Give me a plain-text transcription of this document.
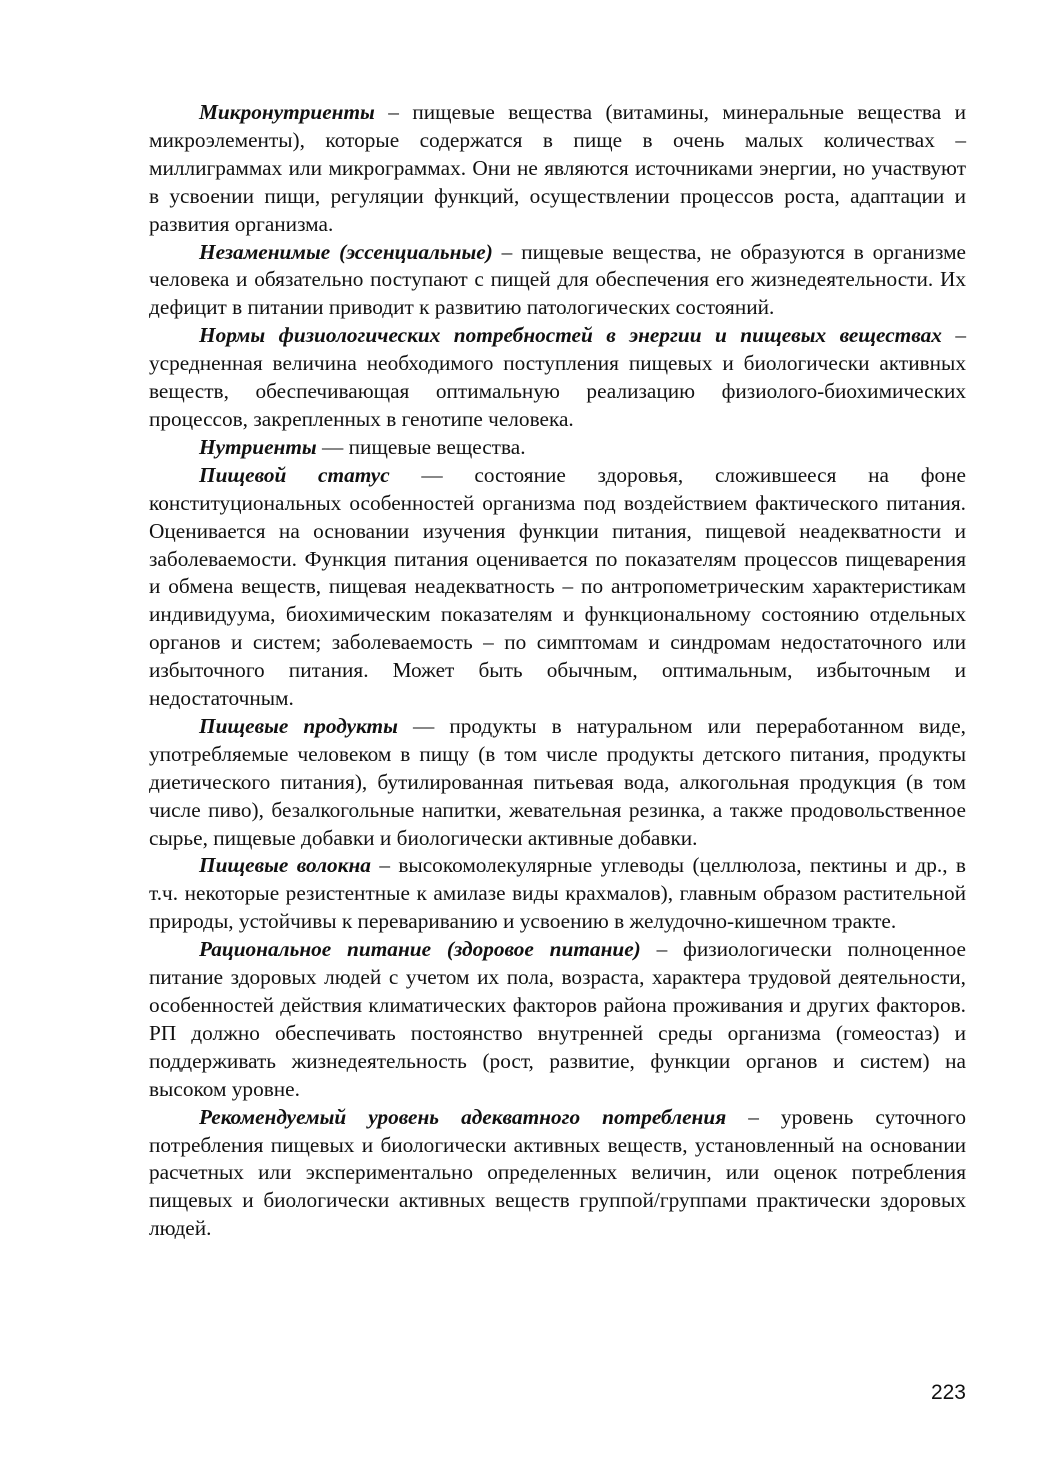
Микронутриенты – пищевые вещества (витамины, минеральные вещества и микроэлементы), которые содержатся в пище в очень малых количествах – миллиграммах или микрограммах. Они не являются источниками энергии, но участвуют в усвоении пищи, регуляции функций, осуществлении процессов роста, адаптации и развития организма.

Незаменимые (эссенциальные) – пищевые вещества, не образуются в организме человека и обязательно поступают с пищей для обеспечения его жизнедеятельности. Их дефицит в питании приводит к развитию патологических состояний.

Нормы физиологических потребностей в энергии и пищевых веществах – усредненная величина необходимого поступления пищевых и биологически активных веществ, обеспечивающая оптимальную реализацию физиолого-биохимических процессов, закрепленных в генотипе человека.

Нутриенты — пищевые вещества.

Пищевой статус — состояние здоровья, сложившееся на фоне конституциональных особенностей организма под воздействием фактического питания. Оценивается на основании изучения функции питания, пищевой неадекватности и заболеваемости. Функция питания оценивается по показателям процессов пищеварения и обмена веществ, пищевая неадекватность – по антропометрическим характеристикам индивидуума, биохимическим показателям и функциональному состоянию отдельных органов и систем; заболеваемость – по симптомам и синдромам недостаточного или избыточного питания. Может быть обычным, оптимальным, избыточным и недостаточным.

Пищевые продукты — продукты в натуральном или переработанном виде, употребляемые человеком в пищу (в том числе продукты детского питания, продукты диетического питания), бутилированная питьевая вода, алкогольная продукция (в том числе пиво), безалкогольные напитки, жевательная резинка, а также продовольственное сырье, пищевые добавки и биологически активные добавки.

Пищевые волокна – высокомолекулярные углеводы (целлюлоза, пектины и др., в т.ч. некоторые резистентные к амилазе виды крахмалов), главным образом растительной природы, устойчивы к перевариванию и усвоению в желудочно-кишечном тракте.

Рациональное питание (здоровое питание) – физиологически полноценное питание здоровых людей с учетом их пола, возраста, характера трудовой деятельности, особенностей действия климатических факторов района проживания и других факторов. РП должно обеспечивать постоянство внутренней среды организма (гомеостаз) и поддерживать жизнедеятельность (рост, развитие, функции органов и систем) на высоком уровне.

Рекомендуемый уровень адекватного потребления – уровень суточного потребления пищевых и биологически активных веществ, установленный на основании расчетных или экспериментально определенных величин, или оценок потребления пищевых и биологически активных веществ группой/группами практически здоровых людей.

223
